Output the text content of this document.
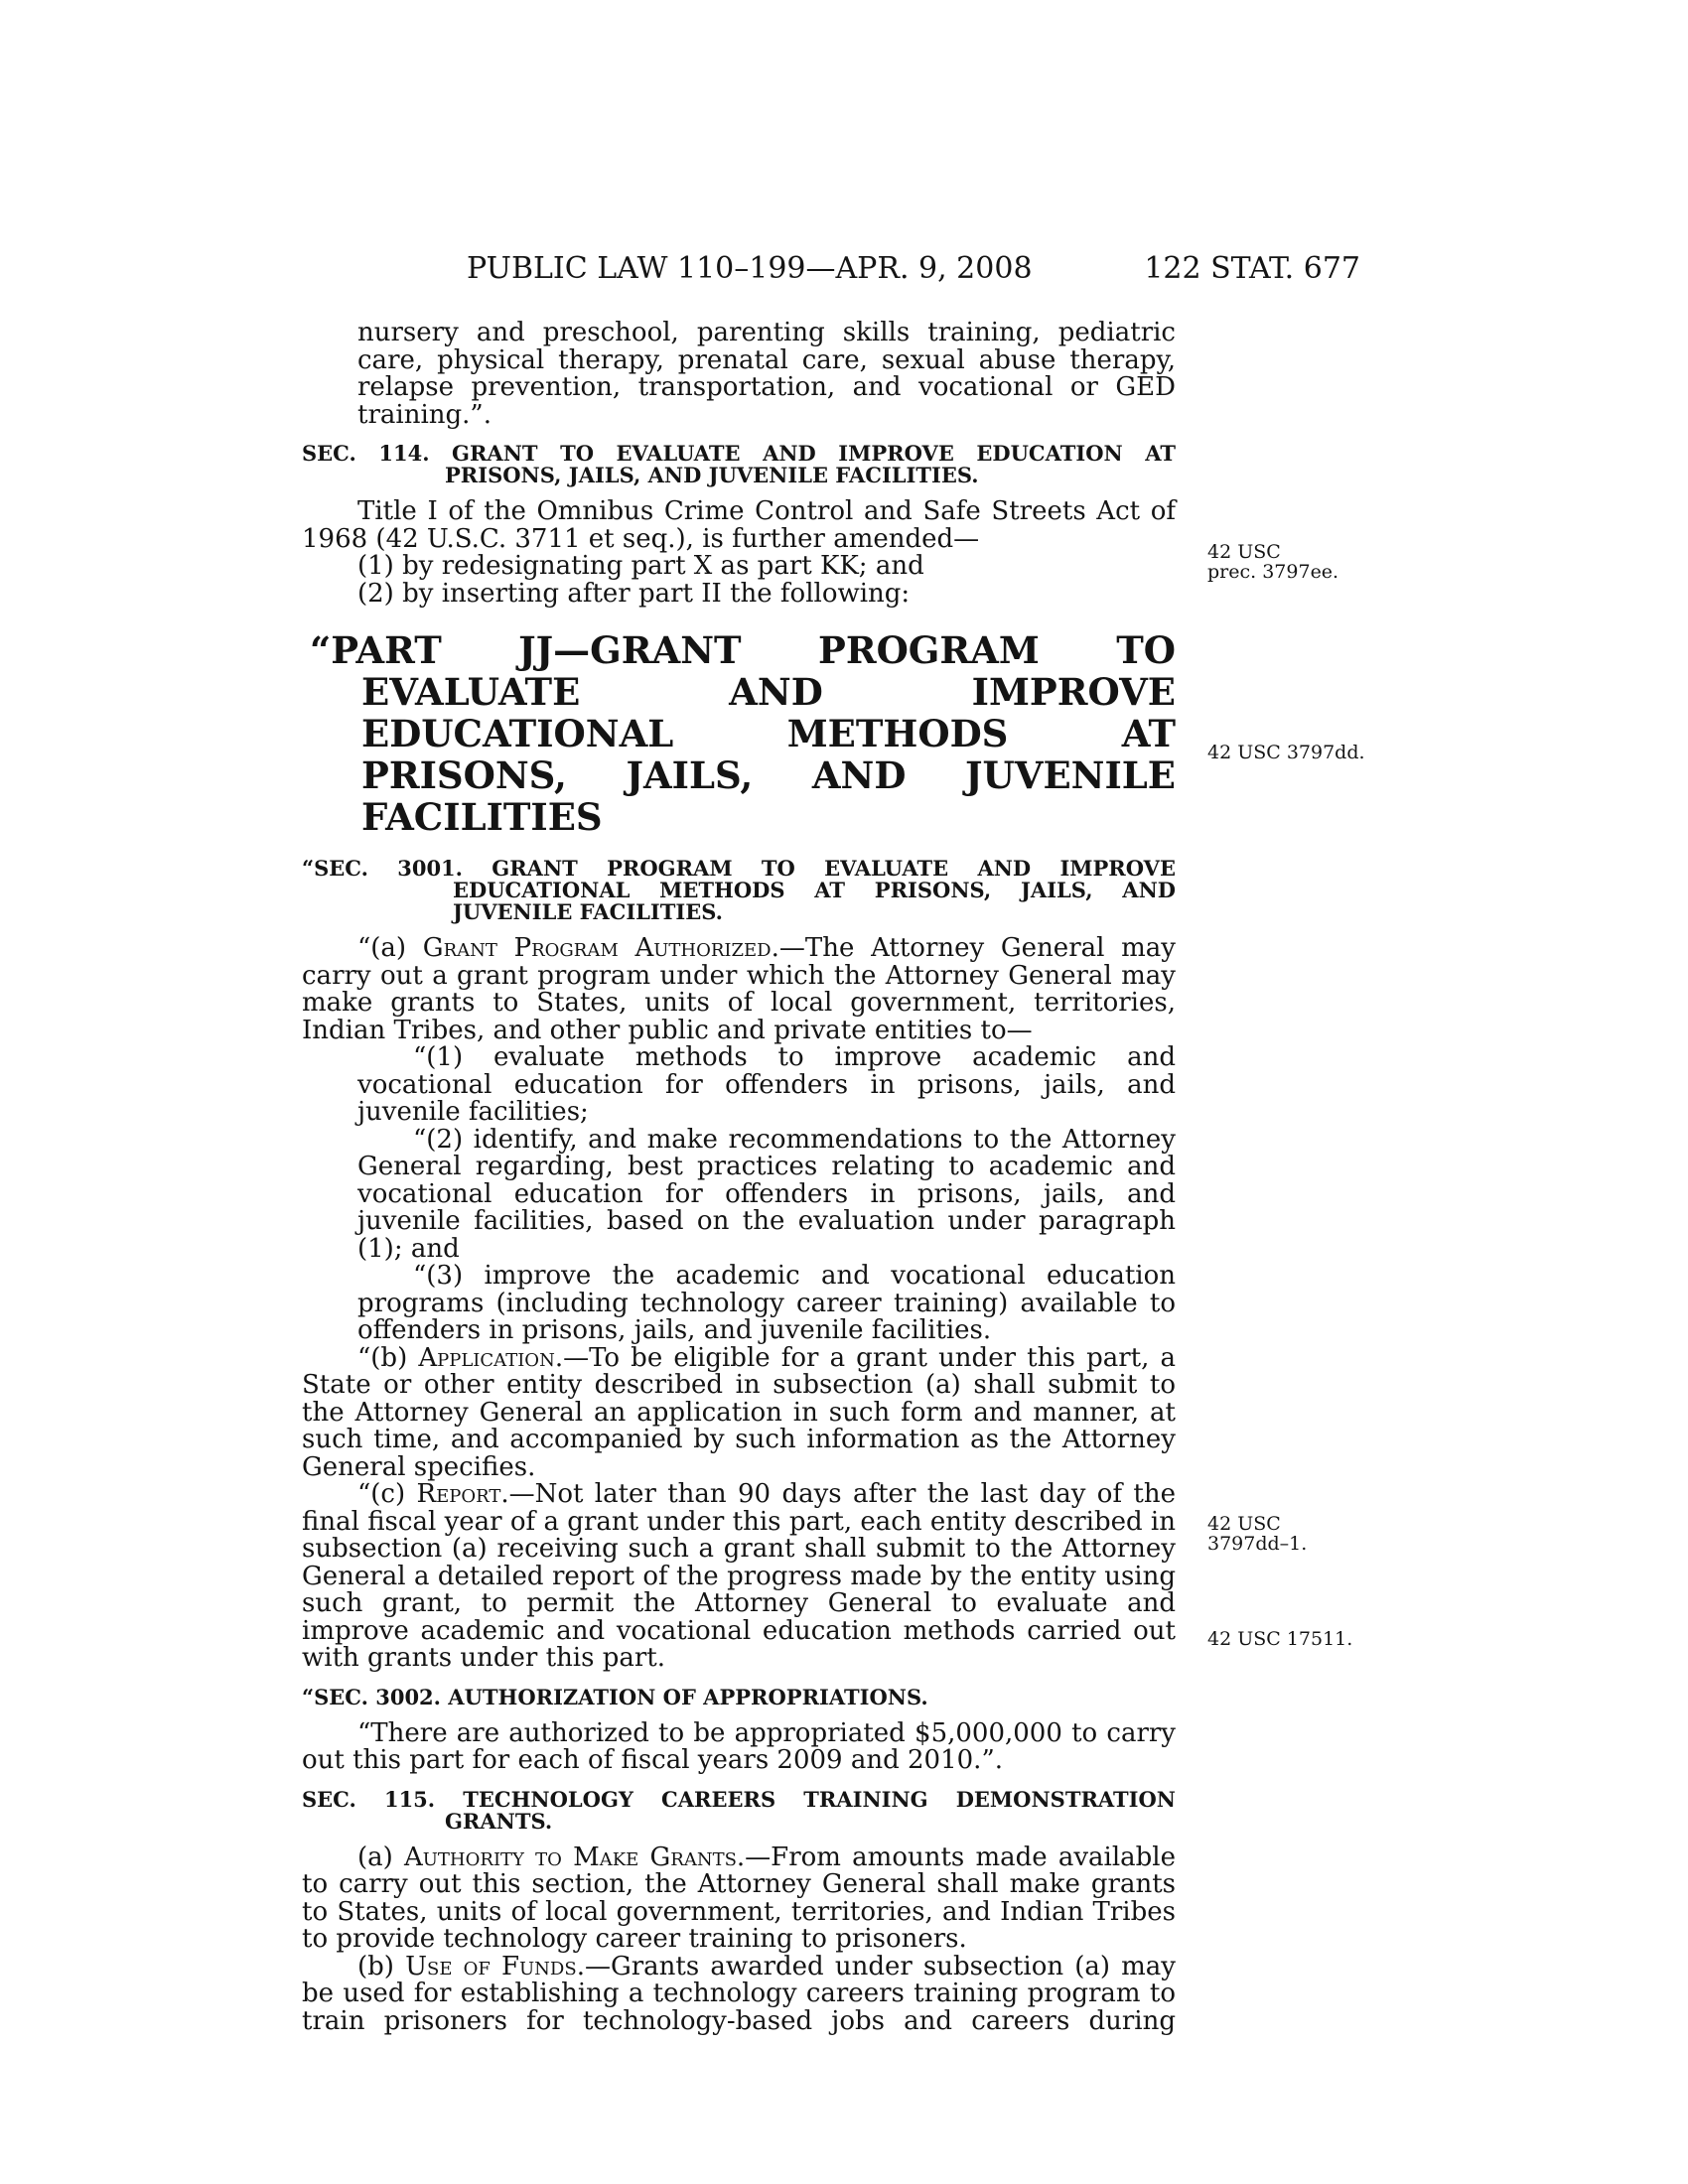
PUBLIC LAW 110–199—APR. 9, 2008	122 STAT. 677
42 USC
prec. 3797ee.
42 USC 3797dd.
42 USC
3797dd–1.
42 USC 17511.

nursery and preschool, parenting skills training, pediatric care, physical therapy, prenatal care, sexual abuse therapy, relapse prevention, transportation, and vocational or GED training.”.

SEC. 114. GRANT TO EVALUATE AND IMPROVE EDUCATION AT PRISONS, JAILS, AND JUVENILE FACILITIES.

Title I of the Omnibus Crime Control and Safe Streets Act of 1968 (42 U.S.C. 3711 et seq.), is further amended—

(1) by redesignating part X as part KK; and

(2) by inserting after part II the following:

“PART JJ—GRANT PROGRAM TO EVALUATE AND IMPROVE EDUCATIONAL METHODS AT PRISONS, JAILS, AND JUVENILE FACILITIES

“SEC. 3001. GRANT PROGRAM TO EVALUATE AND IMPROVE EDUCATIONAL METHODS AT PRISONS, JAILS, AND JUVENILE FACILITIES.

“(a) Grant Program Authorized.—The Attorney General may carry out a grant program under which the Attorney General may make grants to States, units of local government, territories, Indian Tribes, and other public and private entities to—

“(1) evaluate methods to improve academic and vocational education for offenders in prisons, jails, and juvenile facilities;

“(2) identify, and make recommendations to the Attorney General regarding, best practices relating to academic and vocational education for offenders in prisons, jails, and juvenile facilities, based on the evaluation under paragraph (1); and

“(3) improve the academic and vocational education programs (including technology career training) available to offenders in prisons, jails, and juvenile facilities.

“(b) Application.—To be eligible for a grant under this part, a State or other entity described in subsection (a) shall submit to the Attorney General an application in such form and manner, at such time, and accompanied by such information as the Attorney General specifies.

“(c) Report.—Not later than 90 days after the last day of the final fiscal year of a grant under this part, each entity described in subsection (a) receiving such a grant shall submit to the Attorney General a detailed report of the progress made by the entity using such grant, to permit the Attorney General to evaluate and improve academic and vocational education methods carried out with grants under this part.

“SEC. 3002. AUTHORIZATION OF APPROPRIATIONS.

“There are authorized to be appropriated $5,000,000 to carry out this part for each of fiscal years 2009 and 2010.”.

SEC. 115. TECHNOLOGY CAREERS TRAINING DEMONSTRATION GRANTS.

(a) Authority to Make Grants.—From amounts made available to carry out this section, the Attorney General shall make grants to States, units of local government, territories, and Indian Tribes to provide technology career training to prisoners.

(b) Use of Funds.—Grants awarded under subsection (a) may be used for establishing a technology careers training program to train prisoners for technology-based jobs and careers during
